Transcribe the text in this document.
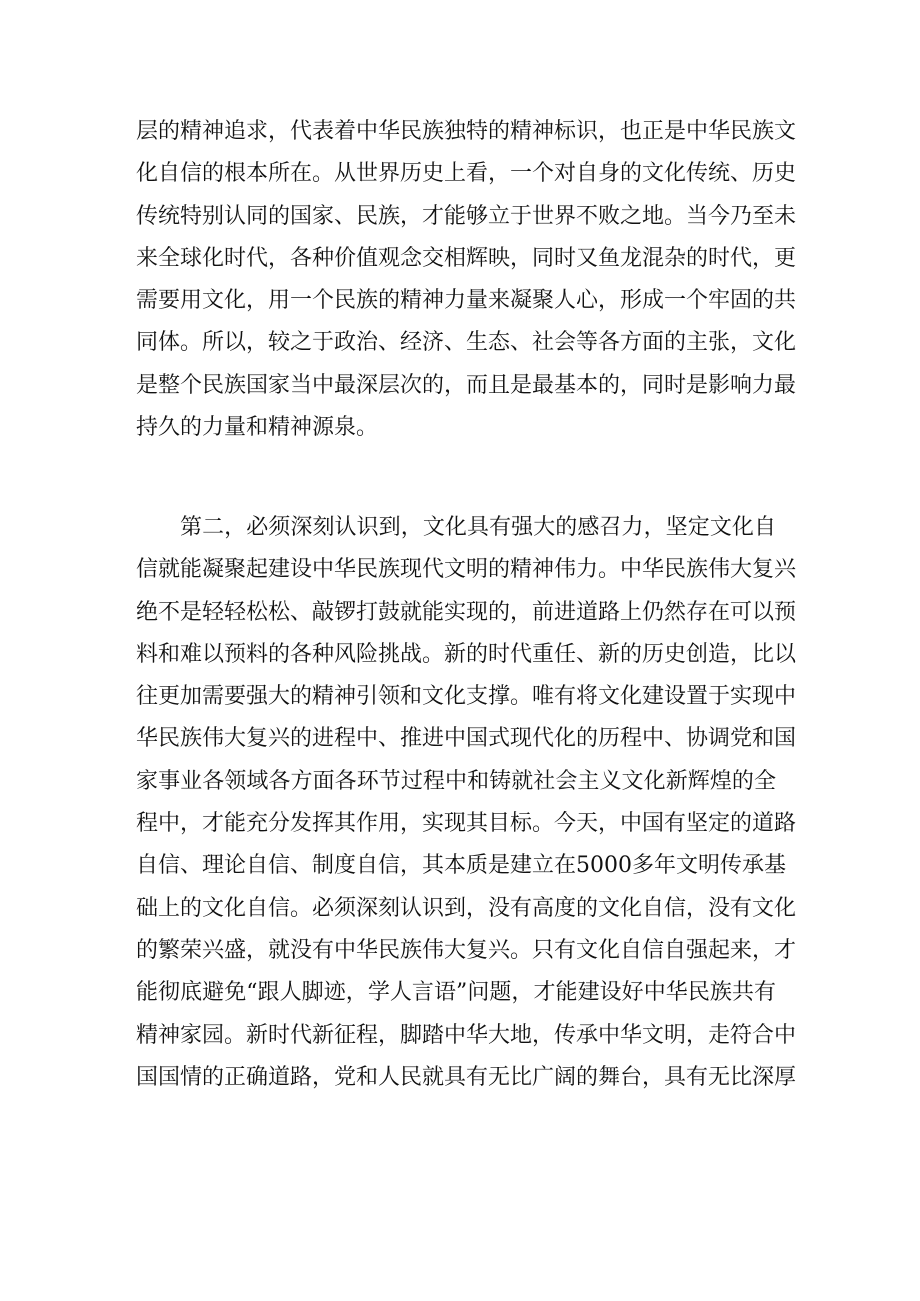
层的精神追求，代表着中华民族独特的精神标识，也正是中华民族文
化自信的根本所在。从世界历史上看，一个对自身的文化传统、历史
传统特别认同的国家、民族，才能够立于世界不败之地。当今乃至未
来全球化时代，各种价值观念交相辉映，同时又鱼龙混杂的时代，更
需要用文化，用一个民族的精神力量来凝聚人心，形成一个牢固的共
同体。所以，较之于政治、经济、生态、社会等各方面的主张，文化
是整个民族国家当中最深层次的，而且是最基本的，同时是影响力最
持久的力量和精神源泉。
第二，必须深刻认识到，文化具有强大的感召力，坚定文化自
信就能凝聚起建设中华民族现代文明的精神伟力。中华民族伟大复兴
绝不是轻轻松松、敲锣打鼓就能实现的，前进道路上仍然存在可以预
料和难以预料的各种风险挑战。新的时代重任、新的历史创造，比以
往更加需要强大的精神引领和文化支撑。唯有将文化建设置于实现中
华民族伟大复兴的进程中、推进中国式现代化的历程中、协调党和国
家事业各领域各方面各环节过程中和铸就社会主义文化新辉煌的全
程中，才能充分发挥其作用，实现其目标。今天，中国有坚定的道路
自信、理论自信、制度自信，其本质是建立在5000多年文明传承基
础上的文化自信。必须深刻认识到，没有高度的文化自信，没有文化
的繁荣兴盛，就没有中华民族伟大复兴。只有文化自信自强起来，才
能彻底避免“跟人脚迹，学人言语”问题，才能建设好中华民族共有
精神家园。新时代新征程，脚踏中华大地，传承中华文明，走符合中
国国情的正确道路，党和人民就具有无比广阔的舞台，具有无比深厚
